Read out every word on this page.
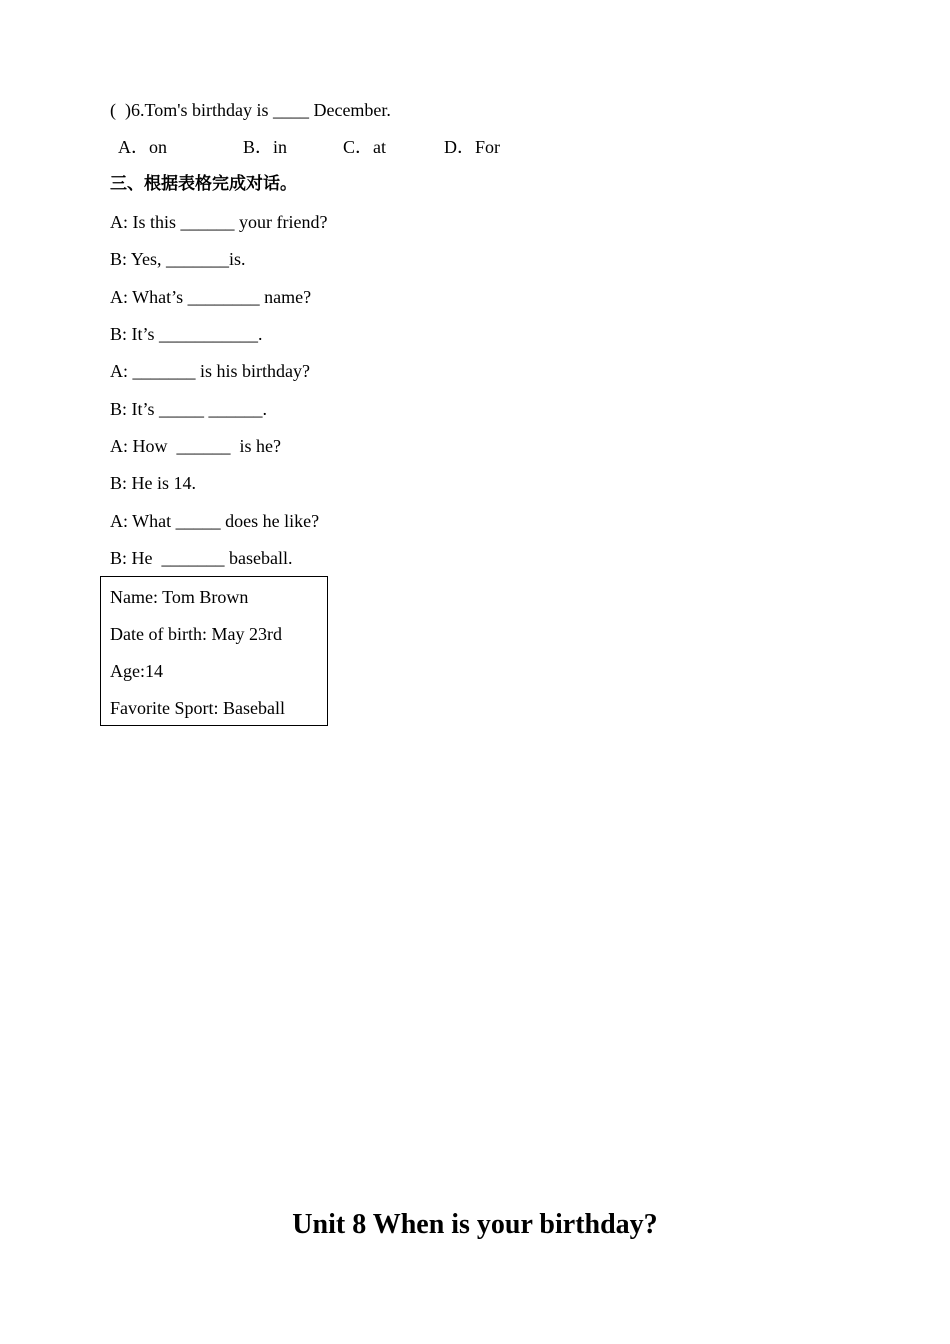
(  )6.Tom's birthday is ____ December.

A．on

	B．in

	C．at

	D．For

三、根据表格完成对话。
A: Is this ______ your friend?
B: Yes, _______is.
A: What’s ________ name?
B: It’s ___________.
A: _______ is his birthday?
B: It’s _____ ______.
A: How  ______  is he?
B: He is 14.
A: What _____ does he like?
B: He  _______ baseball.
Name: Tom Brown
Date of birth: May 23rd
Age:14
Favorite Sport: Baseball
Unit 8 When is your birthday?
